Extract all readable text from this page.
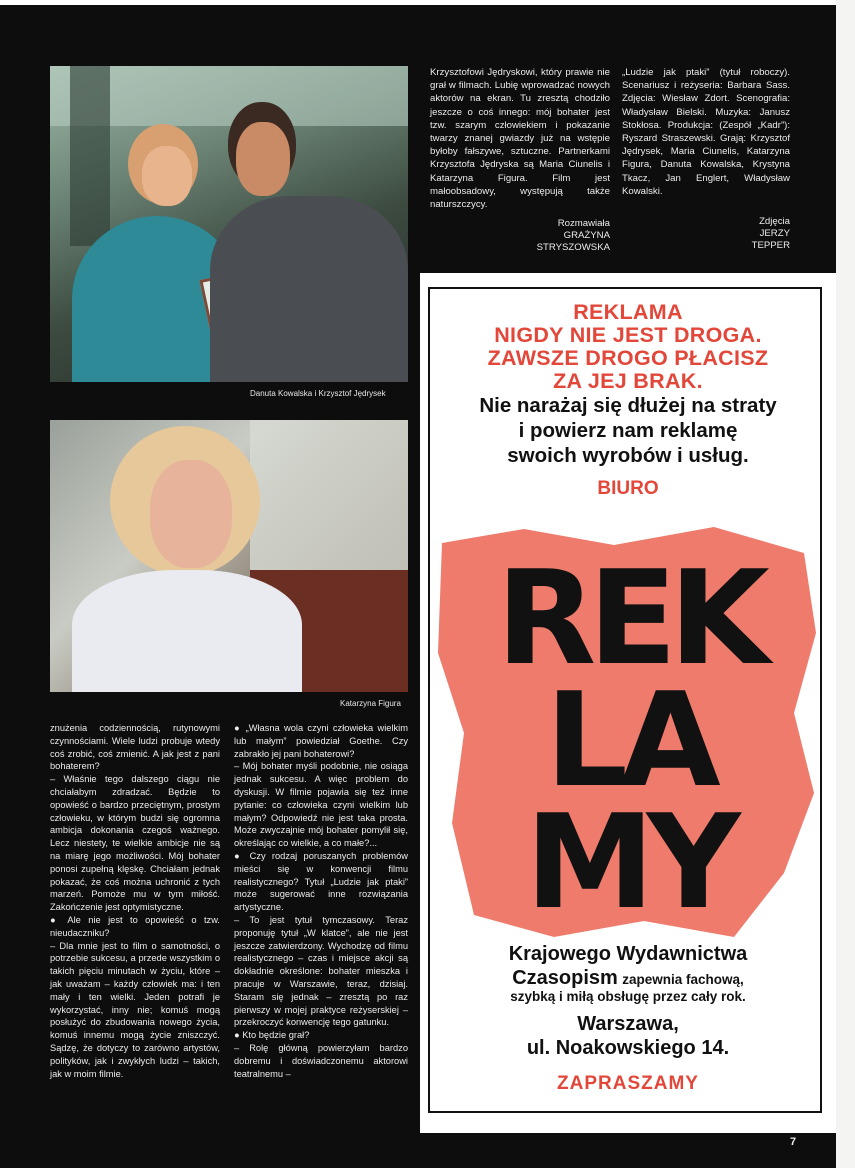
Danuta Kowalska i Krzysztof Jędrysek
Katarzyna Figura

Krzysztofowi Jędryskowi, który prawie nie grał w filmach. Lubię wprowadzać nowych aktorów na ekran. Tu zresztą chodziło jeszcze o coś innego: mój bohater jest tzw. szarym człowiekiem i pokazanie twarzy znanej gwiazdy już na wstępie byłoby fałszywe, sztuczne. Partnerkami Krzysztofa Jędryska są Maria Ciunelis i Katarzyna Figura. Film jest małoobsadowy, występują także naturszczycy.

Rozmawiała
GRAŻYNA
STRYSZOWSKA

„Ludzie jak ptaki” (tytuł roboczy). Scenariusz i reżyseria: Barbara Sass. Zdjęcia: Wiesław Zdort. Scenografia: Władysław Bielski. Muzyka: Janusz Stokłosa. Produkcja: (Zespół „Kadr”): Ryszard Straszewski. Grają: Krzysztof Jędrysek, Maria Ciunelis, Katarzyna Figura, Danuta Kowalska, Krystyna Tkacz, Jan Englert, Władysław Kowalski.

Zdjęcia
JERZY
TEPPER

znużenia codziennością, rutynowymi czynnościami. Wiele ludzi probuje wtedy coś zrobić, coś zmienić. A jak jest z pani bohaterem?
– Właśnie tego dalszego ciągu nie chciałabym zdradzać. Będzie to opowieść o bardzo przeciętnym, prostym człowieku, w którym budzi się ogromna ambicja dokonania czegoś ważnego. Lecz niestety, te wielkie ambicje nie są na miarę jego możliwości. Mój bohater ponosi zupełną klęskę. Chciałam jednak pokazać, że coś można uchronić z tych marzeń. Pomoże mu w tym miłość. Zakończenie jest optymistyczne.
● Ale nie jest to opowieść o tzw. nieudaczniku?
– Dla mnie jest to film o samotności, o potrzebie sukcesu, a przede wszystkim o takich pięciu minutach w życiu, które – jak uważam – każdy człowiek ma: i ten mały i ten wielki. Jeden potrafi je wykorzystać, inny nie; komuś mogą posłużyć do zbudowania nowego życia, komuś innemu mogą życie zniszczyć. Sądzę, że dotyczy to zarówno artystów, polityków, jak i zwykłych ludzi – takich, jak w moim filmie.

● „Własna wola czyni człowieka wielkim lub małym” powiedział Goethe. Czy zabrakło jej pani bohaterowi?
– Mój bohater myśli podobnie, nie osiąga jednak sukcesu. A więc problem do dyskusji. W filmie pojawia się też inne pytanie: co człowieka czyni wielkim lub małym? Odpowiedź nie jest taka prosta. Może zwyczajnie mój bohater pomylił się, określając co wielkie, a co małe?...
● Czy rodzaj poruszanych problemów mieści się w konwencji filmu realistycznego? Tytuł „Ludzie jak ptaki” może sugerować inne rozwiązania artystyczne.
– To jest tytuł tymczasowy. Teraz proponuję tytuł „W klatce”, ale nie jest jeszcze zatwierdzony. Wychodzę od filmu realistycznego – czas i miejsce akcji są dokładnie określone: bohater mieszka i pracuje w Warszawie, teraz, dzisiaj. Staram się jednak – zresztą po raz pierwszy w mojej praktyce reżyserskiej – przekroczyć konwencję tego gatunku.
● Kto będzie grał?
– Rolę główną powierzyłam bardzo dobremu i doświadczonemu aktorowi teatralnemu –

REKLAMA
NIGDY NIE JEST DROGA.
ZAWSZE DROGO PŁACISZ
ZA JEJ BRAK.
Nie narażaj się dłużej na straty
i powierz nam reklamę
swoich wyrobów i usług.
BIURO
REK
LA
MY
Krajowego Wydawnictwa
Czasopism zapewnia fachową,
szybką i miłą obsługę przez cały rok.
Warszawa,
ul. Noakowskiego 14.
ZAPRASZAMY
7
